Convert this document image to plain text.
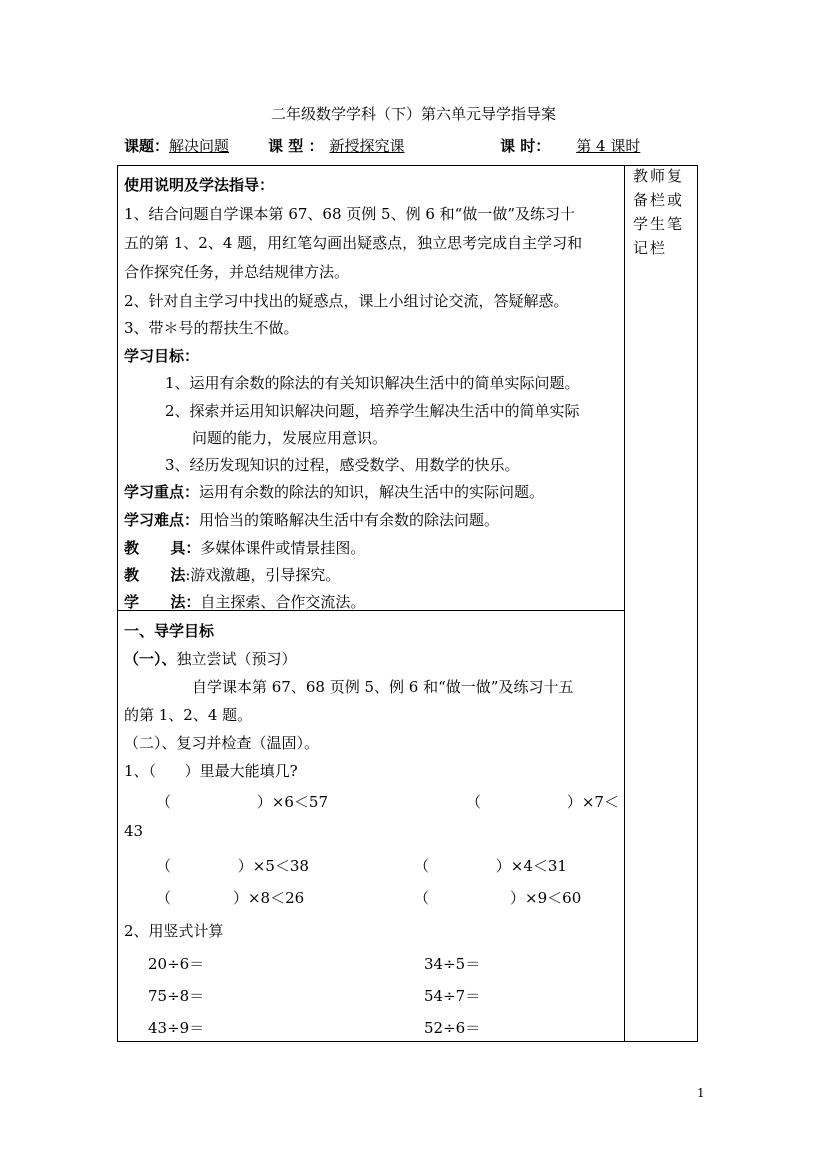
二年级数学学科（下）第六单元导学指导案
课题：解决问题	课 型 ： 新授探究课	课 时： 第 4 课时
教师复备栏或学生笔记栏
使用说明及学法指导：
1、结合问题自学课本第 67、68 页例 5、例 6 和“做一做”及练习十
五的第 1、2、4 题，用红笔勾画出疑惑点，独立思考完成自主学习和
合作探究任务，并总结规律方法。
2、针对自主学习中找出的疑惑点，课上小组讨论交流，答疑解惑。
3、带＊号的帮扶生不做。
学习目标：
1、运用有余数的除法的有关知识解决生活中的简单实际问题。
2、探索并运用知识解决问题，培养学生解决生活中的简单实际
问题的能力，发展应用意识。
3、经历发现知识的过程，感受数学、用数学的快乐。
学习重点：运用有余数的除法的知识，解决生活中的实际问题。
学习难点：用恰当的策略解决生活中有余数的除法问题。
教      具：多媒体课件或情景挂图。
教      法:游戏激趣，引导探究。
学      法：自主探索、合作交流法。
一、导学目标
（一）、独立尝试（预习）
自学课本第 67、68 页例 5、例 6 和“做一做”及练习十五
的第 1、2、4 题。
（二）、复习并检查（温固）。
1、（      ）里最大能填几?
（                  ）×6＜57	（                  ）×7＜
43
（              ）×5＜38	（              ）×4＜31
（             ）×8＜26	（                 ）×9＜60
2、用竖式计算
20÷6＝	34÷5＝
75÷8＝	54÷7＝
43÷9＝	52÷6＝
1
